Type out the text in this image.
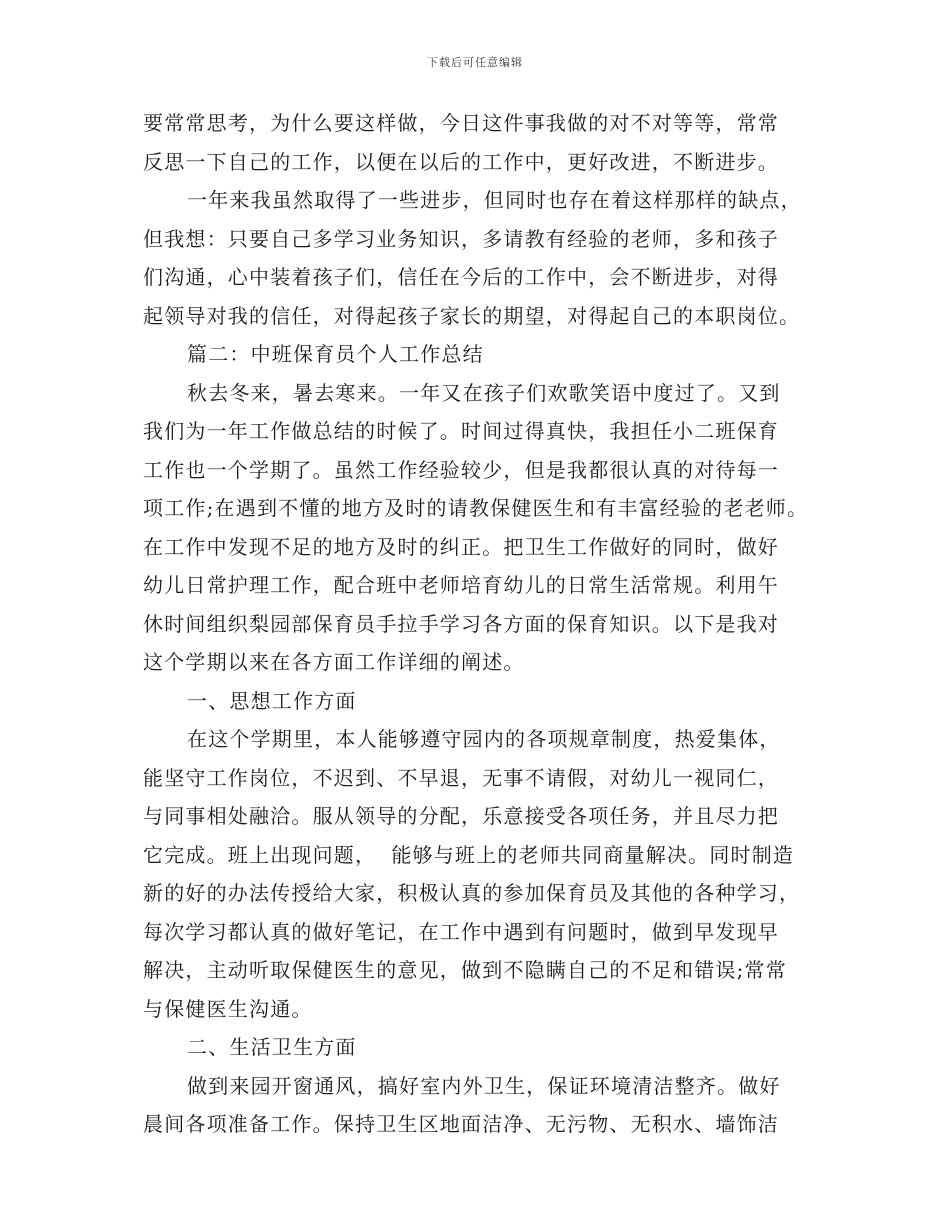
下载后可任意编辑
要常常思考，为什么要这样做，今日这件事我做的对不对等等，常常
反思一下自己的工作，以便在以后的工作中，更好改进，不断进步。
一年来我虽然取得了一些进步，但同时也存在着这样那样的缺点，
但我想：只要自己多学习业务知识，多请教有经验的老师，多和孩子
们沟通，心中装着孩子们，信任在今后的工作中，会不断进步，对得
起领导对我的信任，对得起孩子家长的期望，对得起自己的本职岗位。
篇二：中班保育员个人工作总结
秋去冬来，暑去寒来。一年又在孩子们欢歌笑语中度过了。又到
我们为一年工作做总结的时候了。时间过得真快，我担任小二班保育
工作也一个学期了。虽然工作经验较少，但是我都很认真的对待每一
项工作;在遇到不懂的地方及时的请教保健医生和有丰富经验的老老师。
在工作中发现不足的地方及时的纠正。把卫生工作做好的同时，做好
幼儿日常护理工作，配合班中老师培育幼儿的日常生活常规。利用午
休时间组织梨园部保育员手拉手学习各方面的保育知识。以下是我对
这个学期以来在各方面工作详细的阐述。
一、思想工作方面
在这个学期里，本人能够遵守园内的各项规章制度，热爱集体，
能坚守工作岗位，不迟到、不早退，无事不请假，对幼儿一视同仁，
与同事相处融洽。服从领导的分配，乐意接受各项任务，并且尽力把
它完成。班上出现问题，  能够与班上的老师共同商量解决。同时制造
新的好的办法传授给大家，积极认真的参加保育员及其他的各种学习，
每次学习都认真的做好笔记，在工作中遇到有问题时，做到早发现早
解决，主动听取保健医生的意见，做到不隐瞒自己的不足和错误;常常
与保健医生沟通。
二、生活卫生方面
做到来园开窗通风，搞好室内外卫生，保证环境清洁整齐。做好
晨间各项准备工作。保持卫生区地面洁净、无污物、无积水、墙饰洁
